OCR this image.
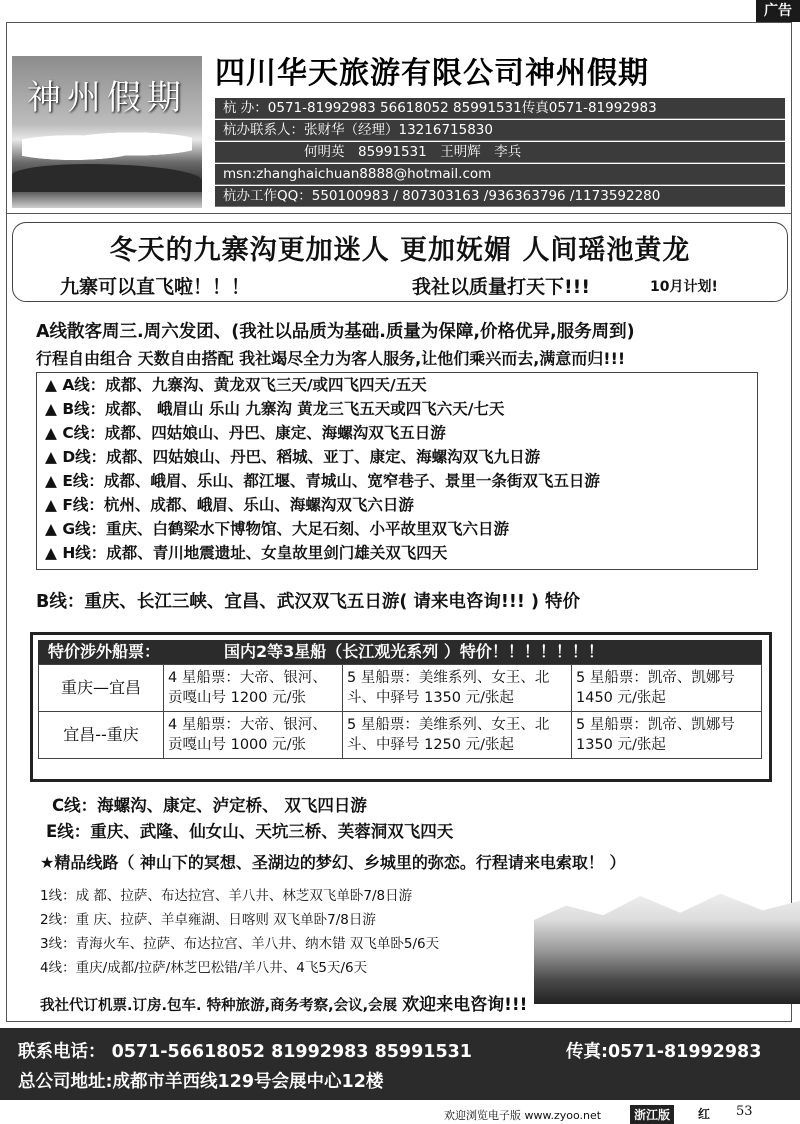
广告
神州假期
四川华天旅游有限公司神州假期
杭 办：0571-81992983 56618052 85991531传真0571-81992983
杭办联系人：张财华（经理）13216715830
　　　　　　何明英　85991531　王明辉　李兵
msn:zhanghaichuan8888@hotmail.com
杭办工作QQ：550100983 / 807303163 /936363796 /1173592280
冬天的九寨沟更加迷人 更加妩媚 人间瑶池黄龙
九寨可以直飞啦！！！	我社以质量打天下!!!	10月计划!
A线散客周三.周六发团、(我社以品质为基础.质量为保障,价格优异,服务周到)
行程自由组合 天数自由搭配 我社竭尽全力为客人服务,让他们乘兴而去,满意而归!!!
▲ A线：成都、九寨沟、黄龙双飞三天/或四飞四天/五天
▲ B线：成都、 峨眉山 乐山 九寨沟 黄龙三飞五天或四飞六天/七天
▲ C线：成都、四姑娘山、丹巴、康定、海螺沟双飞五日游
▲ D线：成都、四姑娘山、丹巴、稻城、亚丁、康定、海螺沟双飞九日游
▲ E线：成都、峨眉、乐山、都江堰、青城山、宽窄巷子、景里一条街双飞五日游
▲ F线：杭州、成都、峨眉、乐山、海螺沟双飞六日游
▲ G线：重庆、白鹤梁水下博物馆、大足石刻、小平故里双飞六日游
▲ H线：成都、青川地震遗址、女皇故里剑门雄关双飞四天
B线：重庆、长江三峡、宜昌、武汉双飞五日游( 请来电咨询!!! ) 特价
特价涉外船票：	国内2等3星船（长江观光系列 ）特价！！！！！！！
重庆—宜昌	4 星船票：大帝、银河、贡嘎山号 1200 元/张	5 星船票：美维系列、女王、北斗、中驿号 1350 元/张起	5 星船票：凯帝、凯娜号 1450 元/张起
宜昌--重庆	4 星船票：大帝、银河、贡嘎山号 1000 元/张	5 星船票：美维系列、女王、北斗、中驿号 1250 元/张起	5 星船票：凯帝、凯娜号 1350 元/张起
C线：海螺沟、康定、泸定桥、 双飞四日游
E线：重庆、武隆、仙女山、天坑三桥、芙蓉洞双飞四天
★精品线路（ 神山下的冥想、圣湖边的梦幻、乡城里的弥恋。行程请来电索取！ ）
1线：成 都、拉萨、布达拉宫、羊八井、林芝双飞单卧7/8日游
2线：重 庆、拉萨、羊卓雍湖、日喀则 双飞单卧7/8日游
3线：青海火车、拉萨、布达拉宫、羊八井、纳木错 双飞单卧5/6天
4线：重庆/成都/拉萨/林芝巴松错/羊八井、4飞5天/6天
我社代订机票.订房.包车. 特种旅游,商务考察,会议,会展 欢迎来电咨询!!!
联系电话： 0571-56618052 81992983 85991531	传真:0571-81992983
总公司地址:成都市羊西线129号会展中心12楼
欢迎浏览电子版 www.zyoo.net	浙江版	红 53
